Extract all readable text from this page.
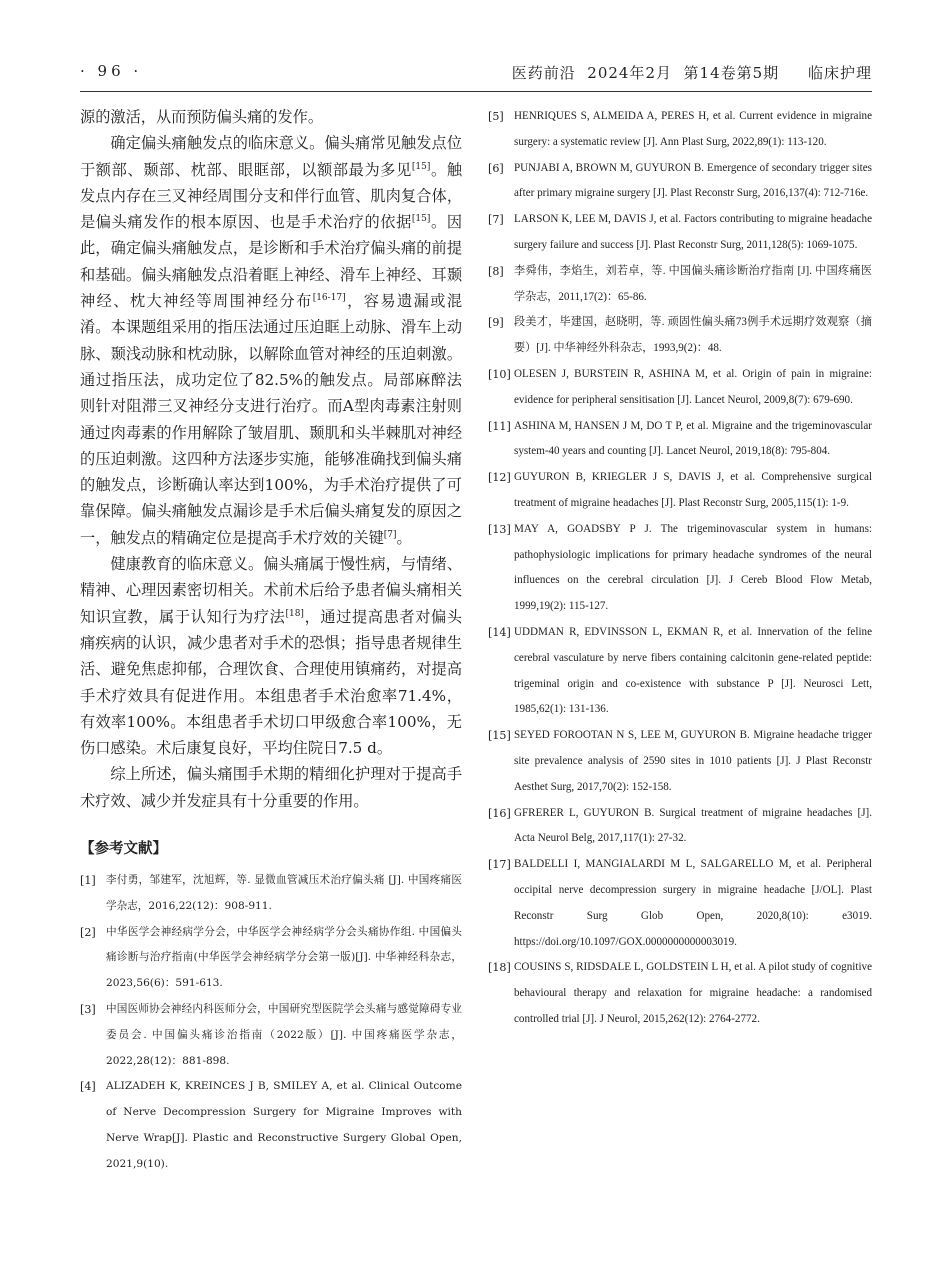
· 96 ·	医药前沿  2024年2月  第14卷第5期     临床护理

源的激活，从而预防偏头痛的发作。

确定偏头痛触发点的临床意义。偏头痛常见触发点位于额部、颞部、枕部、眼眶部，以额部最为多见[15]。触发点内存在三叉神经周围分支和伴行血管、肌肉复合体，是偏头痛发作的根本原因、也是手术治疗的依据[15]。因此，确定偏头痛触发点，是诊断和手术治疗偏头痛的前提和基础。偏头痛触发点沿着眶上神经、滑车上神经、耳颞神经、枕大神经等周围神经分布[16-17]，容易遗漏或混淆。本课题组采用的指压法通过压迫眶上动脉、滑车上动脉、颞浅动脉和枕动脉，以解除血管对神经的压迫刺激。通过指压法，成功定位了82.5%的触发点。局部麻醉法则针对阻滞三叉神经分支进行治疗。而A型肉毒素注射则通过肉毒素的作用解除了皱眉肌、颞肌和头半棘肌对神经的压迫刺激。这四种方法逐步实施，能够准确找到偏头痛的触发点，诊断确认率达到100%，为手术治疗提供了可靠保障。偏头痛触发点漏诊是手术后偏头痛复发的原因之一，触发点的精确定位是提高手术疗效的关键[7]。

健康教育的临床意义。偏头痛属于慢性病，与情绪、精神、心理因素密切相关。术前术后给予患者偏头痛相关知识宣教，属于认知行为疗法[18]，通过提高患者对偏头痛疾病的认识，减少患者对手术的恐惧；指导患者规律生活、避免焦虑抑郁，合理饮食、合理使用镇痛药，对提高手术疗效具有促进作用。本组患者手术治愈率71.4%，有效率100%。本组患者手术切口甲级愈合率100%，无伤口感染。术后康复良好，平均住院日7.5 d。

综上所述，偏头痛围手术期的精细化护理对于提高手术疗效、减少并发症具有十分重要的作用。

【参考文献】
[1] 李付勇，邹建军，沈旭辉，等. 显微血管减压术治疗偏头痛 [J]. 中国疼痛医学杂志，2016,22(12)：908-911.
[2] 中华医学会神经病学分会，中华医学会神经病学分会头痛协作组. 中国偏头痛诊断与治疗指南(中华医学会神经病学分会第一版)[J]. 中华神经科杂志，2023,56(6)：591-613.
[3] 中国医师协会神经内科医师分会，中国研究型医院学会头痛与感觉障碍专业委员会. 中国偏头痛诊治指南（2022版）[J]. 中国疼痛医学杂志，2022,28(12)：881-898.
[4] ALIZADEH K, KREINCES J B, SMILEY A, et al. Clinical Outcome of Nerve Decompression Surgery for Migraine Improves with Nerve Wrap[J]. Plastic and Reconstructive Surgery Global Open, 2021,9(10).
[5] HENRIQUES S, ALMEIDA A, PERES H, et al. Current evidence in migraine surgery: a systematic review [J]. Ann Plast Surg, 2022,89(1): 113-120.
[6] PUNJABI A, BROWN M, GUYURON B. Emergence of secondary trigger sites after primary migraine surgery [J]. Plast Reconstr Surg, 2016,137(4): 712-716e.
[7] LARSON K, LEE M, DAVIS J, et al. Factors contributing to migraine headache surgery failure and success [J]. Plast Reconstr Surg, 2011,128(5): 1069-1075.
[8] 李舜伟，李焰生，刘若卓，等. 中国偏头痛诊断治疗指南 [J]. 中国疼痛医学杂志，2011,17(2)：65-86.
[9] 段美才，毕建国，赵晓明，等. 顽固性偏头痛73例手术远期疗效观察（摘要）[J]. 中华神经外科杂志，1993,9(2)：48.
[10] OLESEN J, BURSTEIN R, ASHINA M, et al. Origin of pain in migraine: evidence for peripheral sensitisation [J]. Lancet Neurol, 2009,8(7): 679-690.
[11] ASHINA M, HANSEN J M, DO T P, et al. Migraine and the trigeminovascular system-40 years and counting [J]. Lancet Neurol, 2019,18(8): 795-804.
[12] GUYURON B, KRIEGLER J S, DAVIS J, et al. Comprehensive surgical treatment of migraine headaches [J]. Plast Reconstr Surg, 2005,115(1): 1-9.
[13] MAY A, GOADSBY P J. The trigeminovascular system in humans: pathophysiologic implications for primary headache syndromes of the neural influences on the cerebral circulation [J]. J Cereb Blood Flow Metab, 1999,19(2): 115-127.
[14] UDDMAN R, EDVINSSON L, EKMAN R, et al. Innervation of the feline cerebral vasculature by nerve fibers containing calcitonin gene-related peptide: trigeminal origin and co-existence with substance P [J]. Neurosci Lett, 1985,62(1): 131-136.
[15] SEYED FOROOTAN N S, LEE M, GUYURON B. Migraine headache trigger site prevalence analysis of 2590 sites in 1010 patients [J]. J Plast Reconstr Aesthet Surg, 2017,70(2): 152-158.
[16] GFRERER L, GUYURON B. Surgical treatment of migraine headaches [J]. Acta Neurol Belg, 2017,117(1): 27-32.
[17] BALDELLI I, MANGIALARDI M L, SALGARELLO M, et al. Peripheral occipital nerve decompression surgery in migraine headache [J/OL]. Plast Reconstr Surg Glob Open, 2020,8(10): e3019. https://doi.org/10.1097/GOX.0000000000003019.
[18] COUSINS S, RIDSDALE L, GOLDSTEIN L H, et al. A pilot study of cognitive behavioural therapy and relaxation for migraine headache: a randomised controlled trial [J]. J Neurol, 2015,262(12): 2764-2772.
